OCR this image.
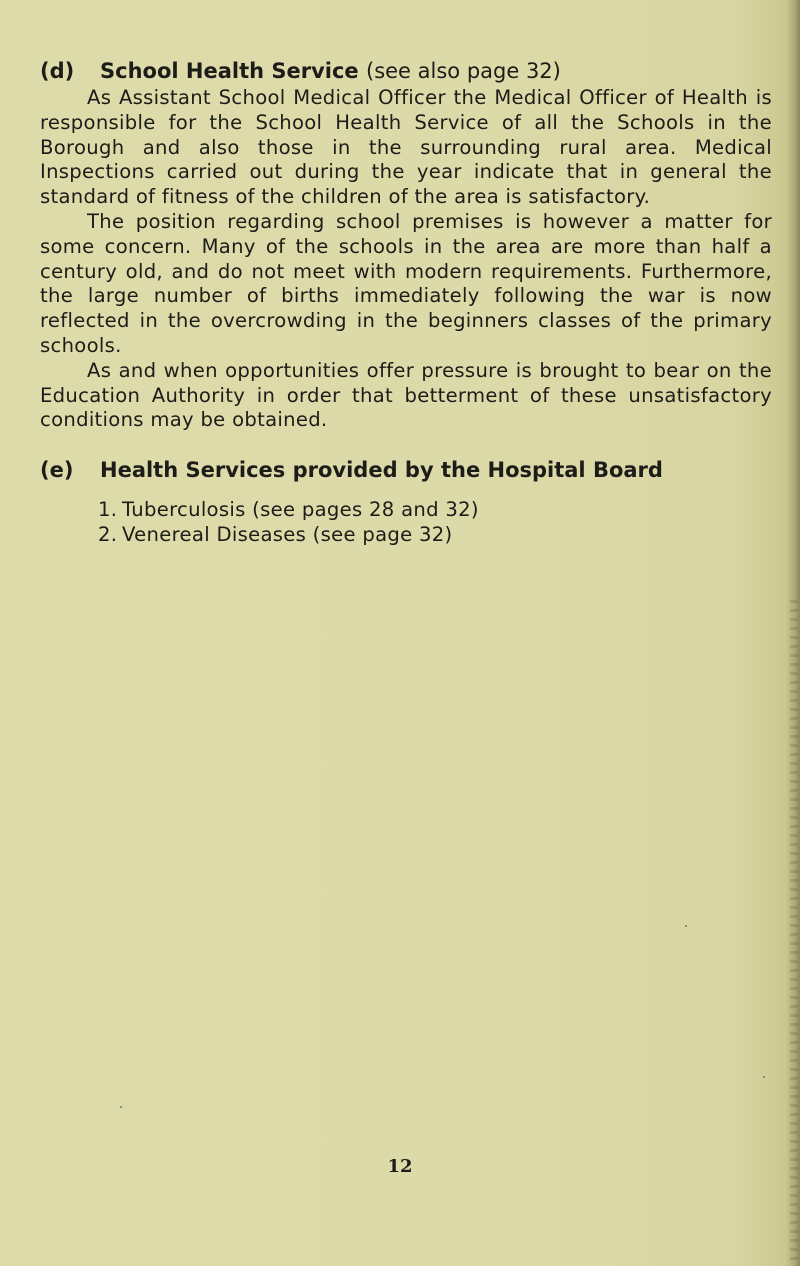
(d) School Health Service (see also page 32)

As Assistant School Medical Officer the Medical Officer of Health is responsible for the School Health Service of all the Schools in the Borough and also those in the surrounding rural area. Medical Inspections carried out during the year indicate that in general the standard of fitness of the children of the area is satisfactory.

The position regarding school premises is however a matter for some concern. Many of the schools in the area are more than half a century old, and do not meet with modern requirements. Furthermore, the large number of births immediately following the war is now reflected in the overcrowding in the beginners classes of the primary schools.

As and when opportunities offer pressure is brought to bear on the Education Authority in order that betterment of these unsatisfactory conditions may be obtained.

(e) Health Services provided by the Hospital Board
1. Tuberculosis (see pages 28 and 32)
2. Venereal Diseases (see page 32)
12
